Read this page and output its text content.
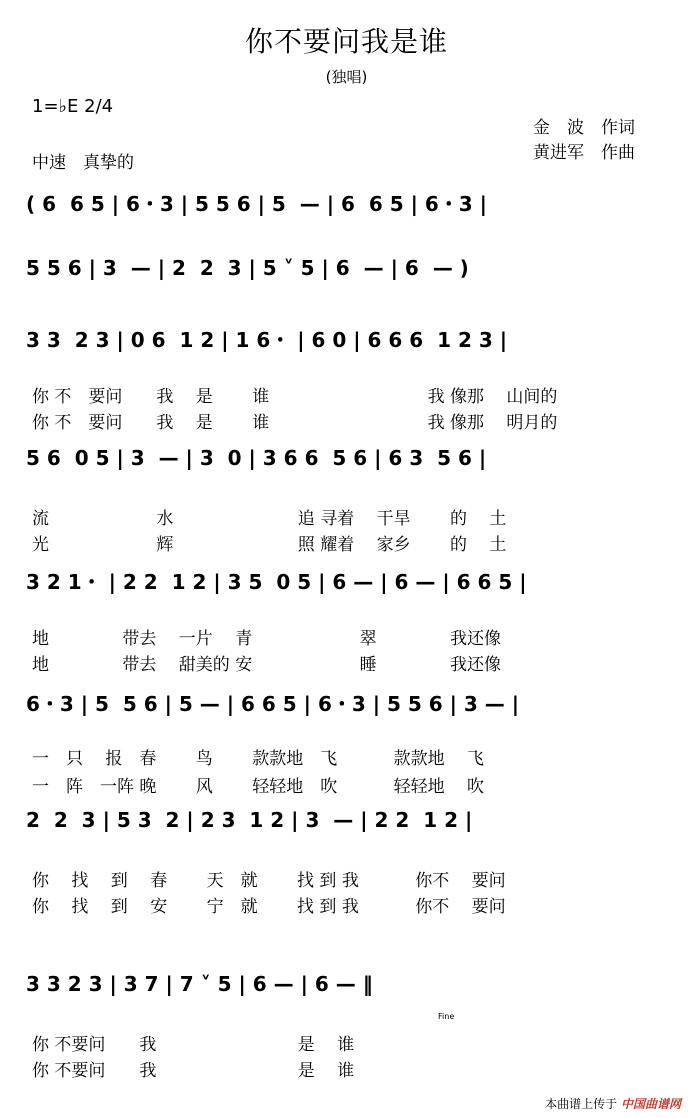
你不要问我是谁
(独唱)
1=♭E 2/4
中速　真挚的
金　波　作词
黄进军　作曲
( 6  6 5 | 6・3 | 5 5 6 | 5  — | 6  6 5 | 6・3 |
5 5 6 | 3  — | 2  2  3 | 5 ˅ 5 | 6  — | 6  — )
3 3  2 3 | 0 6  1 2 | 1 6・ | 6 0 | 6 6 6  1 2 3 |
你 不　要问　　我　 是　　 谁　　　　　　　　　 我 像那　 山间的
你 不　要问　　我　 是　　 谁　　　　　　　　　 我 像那　 明月的
5 6  0 5 | 3  — | 3  0 | 3 6 6  5 6 | 6 3  5 6 |
流　　　　　　 水　　　　　　　 追 寻着　 干旱　　 的　 土
光　　　　　　 辉　　　　　　　 照 耀着　 家乡　　 的　 土
3 2 1・ | 2 2  1 2 | 3 5  0 5 | 6 — | 6 — | 6 6 5 |
地　　　　 带去　 一片　 青　　　　　　 翠　　　　 我还像
地　　　　 带去　 甜美的 安　　　　　　 睡　　　　 我还像
6・3 | 5  5 6 | 5 — | 6 6 5 | 6・3 | 5 5 6 | 3 — |
一　只　 报　春　　 鸟　　 款款地　飞　　　 款款地　 飞
一　阵　一阵 晚　　 风　　 轻轻地　吹　　　 轻轻地　 吹
2  2  3 | 5 3  2 | 2 3  1 2 | 3  — | 2 2  1 2 |
你　 找　 到　 春　　 天　就　　 找 到 我　　　 你不　 要问
你　 找　 到　 安　　 宁　就　　 找 到 我　　　 你不　 要问
3 3 2 3 | 3 7 | 7 ˅ 5 | 6 — | 6 — ‖
Fine
你 不要问　　我　　　　　　　　 是　 谁
你 不要问　　我　　　　　　　　 是　 谁
本曲谱上传于 中国曲谱网
